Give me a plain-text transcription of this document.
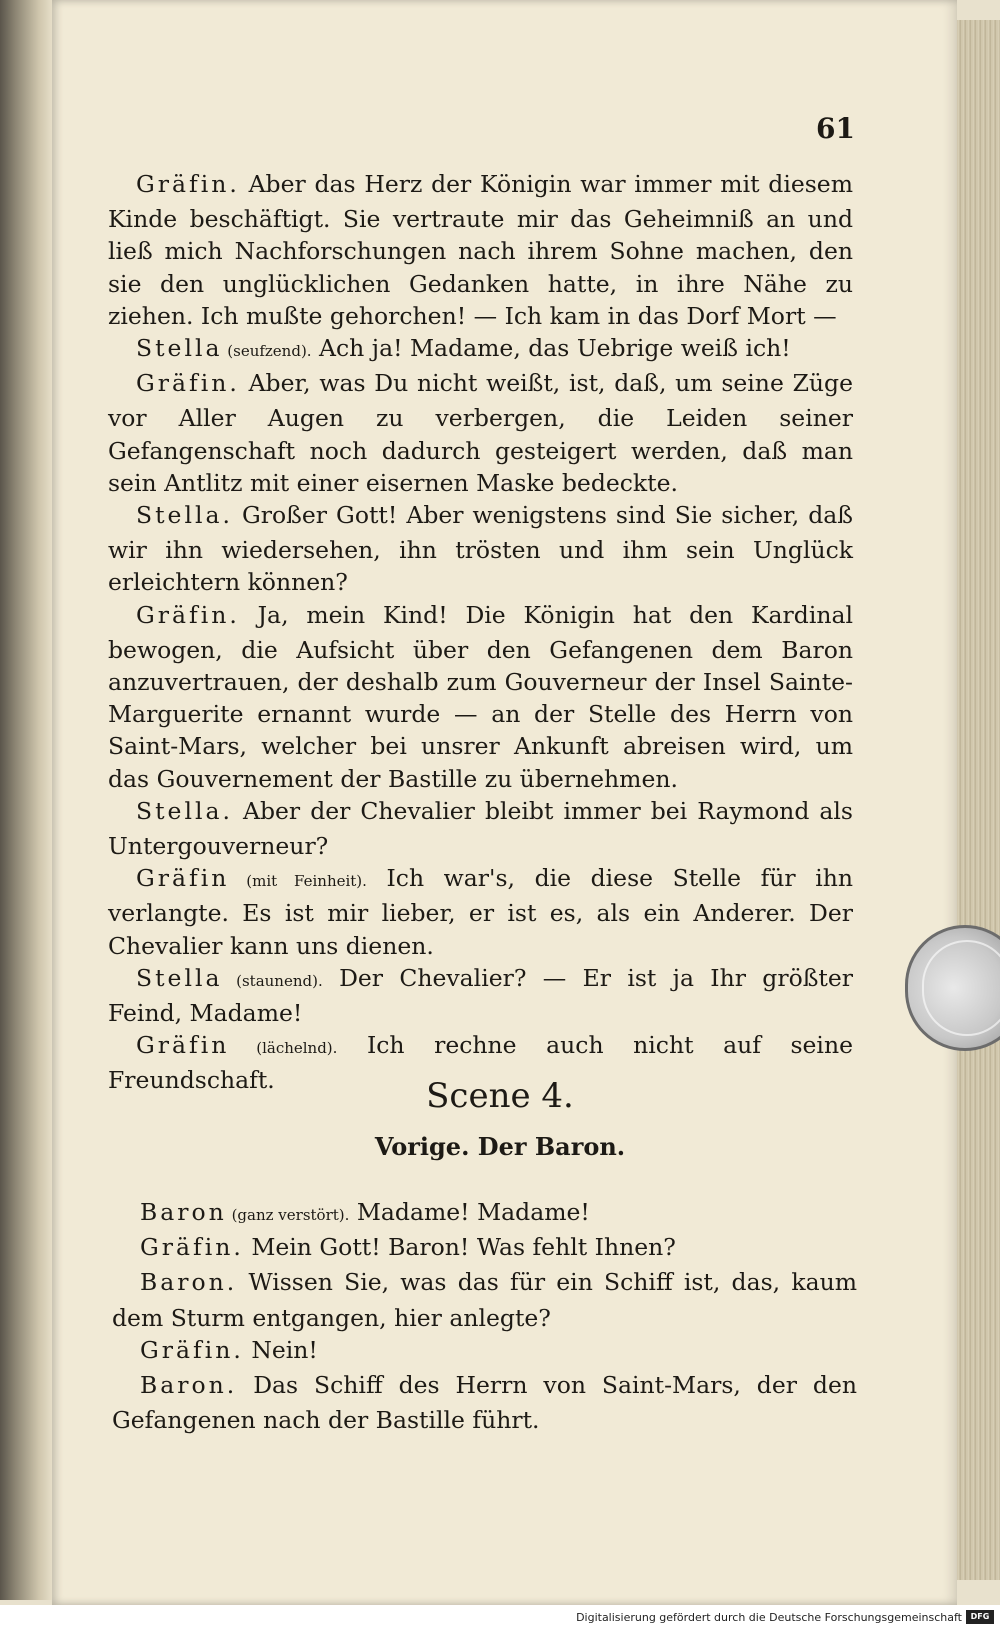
61

Gräfin. Aber das Herz der Königin war immer mit diesem Kinde beschäftigt. Sie vertraute mir das Geheimniß an und ließ mich Nachforschungen nach ihrem Sohne machen, den sie den unglücklichen Gedanken hatte, in ihre Nähe zu ziehen. Ich mußte gehorchen! — Ich kam in das Dorf Mort —

Stella (seufzend). Ach ja! Madame, das Uebrige weiß ich!

Gräfin. Aber, was Du nicht weißt, ist, daß, um seine Züge vor Aller Augen zu verbergen, die Leiden seiner Gefangenschaft noch dadurch gesteigert werden, daß man sein Antlitz mit einer eisernen Maske bedeckte.

Stella. Großer Gott! Aber wenigstens sind Sie sicher, daß wir ihn wiedersehen, ihn trösten und ihm sein Unglück erleichtern können?

Gräfin. Ja, mein Kind! Die Königin hat den Kardinal bewogen, die Aufsicht über den Gefangenen dem Baron anzuvertrauen, der deshalb zum Gouverneur der Insel Sainte-Marguerite ernannt wurde — an der Stelle des Herrn von Saint-Mars, welcher bei unsrer Ankunft abreisen wird, um das Gouvernement der Bastille zu übernehmen.

Stella. Aber der Chevalier bleibt immer bei Raymond als Untergouverneur?

Gräfin (mit Feinheit). Ich war's, die diese Stelle für ihn verlangte. Es ist mir lieber, er ist es, als ein Anderer. Der Chevalier kann uns dienen.

Stella (staunend). Der Chevalier? — Er ist ja Ihr größter Feind, Madame!

Gräfin (lächelnd). Ich rechne auch nicht auf seine Freundschaft.	Scene 4.
Vorige. Der Baron.

Baron (ganz verstört). Madame! Madame!

Gräfin. Mein Gott! Baron! Was fehlt Ihnen?

Baron. Wissen Sie, was das für ein Schiff ist, das, kaum dem Sturm entgangen, hier anlegte?

Gräfin. Nein!

Baron. Das Schiff des Herrn von Saint-Mars, der den Gefangenen nach der Bastille führt.

Digitalisierung gefördert durch die Deutsche Forschungsgemeinschaft	DFG
